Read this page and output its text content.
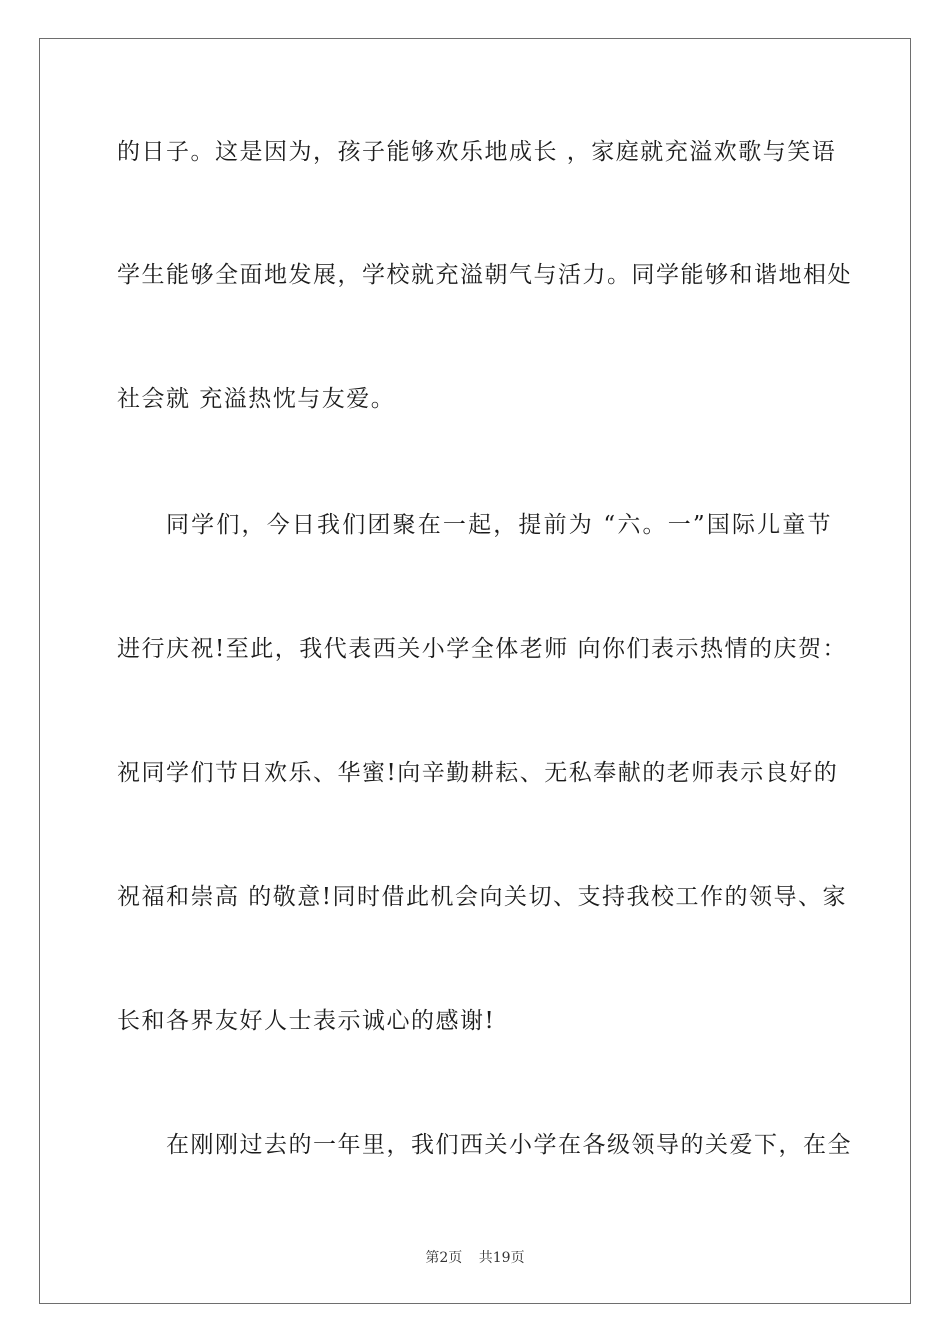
的日子。这是因为，孩子能够欢乐地成长 ，家庭就充溢欢歌与笑语
学生能够全面地发展，学校就充溢朝气与活力。同学能够和谐地相处
社会就 充溢热忱与友爱。
同学们，今日我们团聚在一起，提前为 “六。一”国际儿童节
进行庆祝!至此，我代表西关小学全体老师 向你们表示热情的庆贺：
祝同学们节日欢乐、华蜜!向辛勤耕耘、无私奉献的老师表示良好的
祝福和崇高 的敬意!同时借此机会向关切、支持我校工作的领导、家
长和各界友好人士表示诚心的感谢!
在刚刚过去的一年里，我们西关小学在各级领导的关爱下，在全
第2页 共19页
